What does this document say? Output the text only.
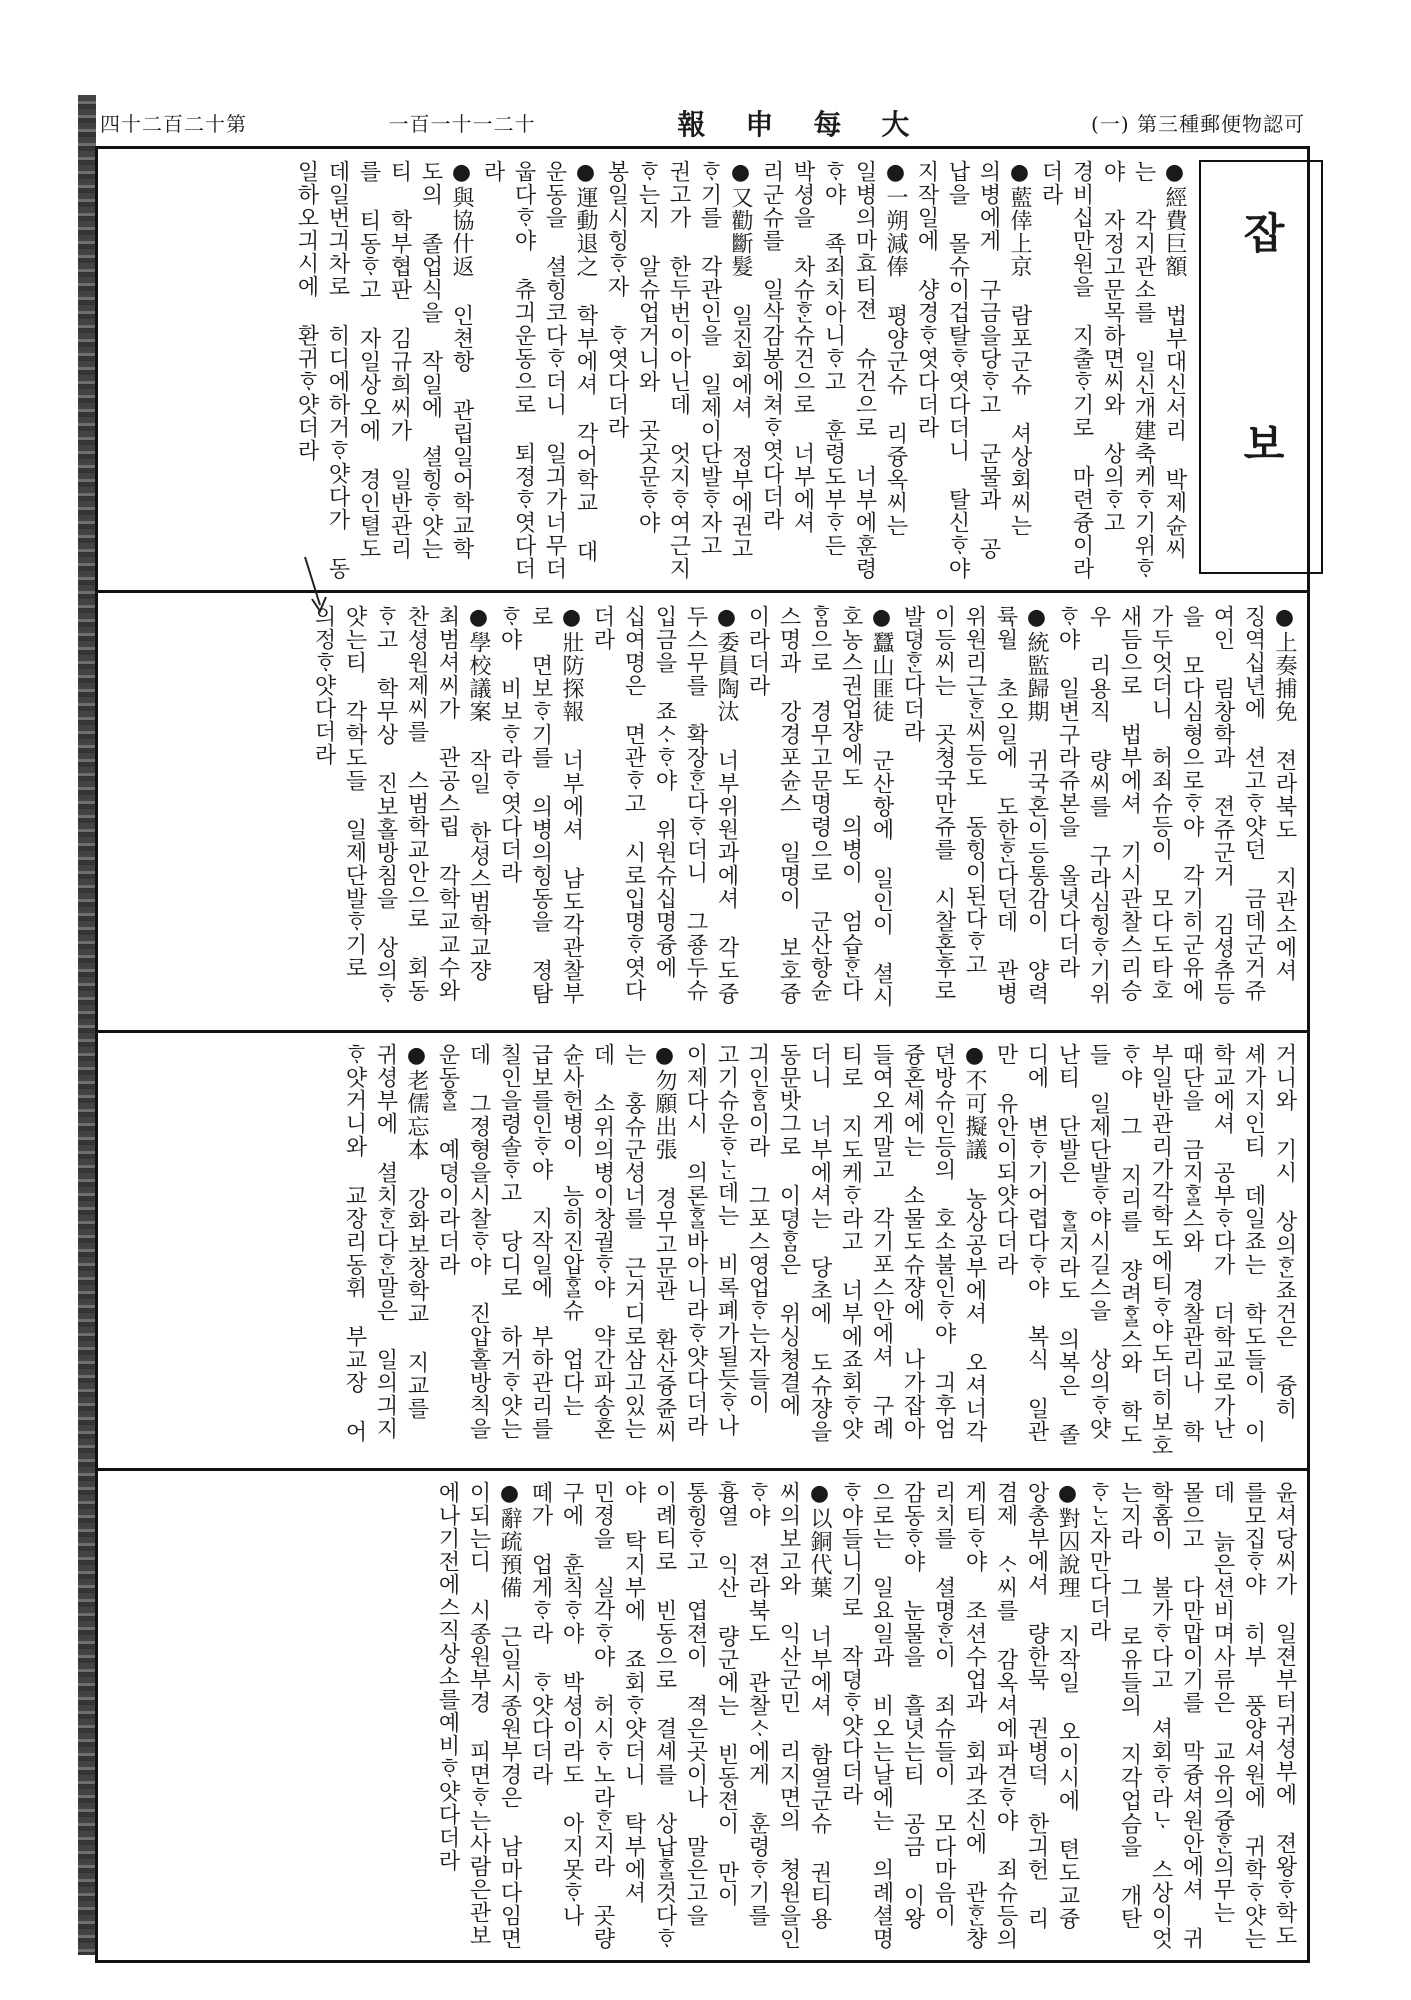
(一) 第三種郵便物認可
報申每大
一百一十一二十
四十二百二十第
잡 보

●經費巨額 법부대신서리 박제슌씨는 각지관소를 일신개建축케ᄒᆞ기위ᄒᆞ야 자정고문목하면씨와 상의ᄒᆞ고 경비십만원을 지출ᄒᆞ기로 마련즁이라더라

●藍倖上京 람포군슈 셔상회씨는 의병에게 구금을당ᄒᆞ고 군물과 공납을 몰슈이겁탈ᄒᆞ엿다더니 탈신ᄒᆞ야 지작일에 샹경ᄒᆞ엿다더라

●一朔減俸 평양군슈 리즁옥씨는 일병의마효티젼 슈건으로 너부에훈령ᄒᆞ야 죡죄치아니ᄒᆞ고 훈령도부ᄒᆞ든 박셩을 차슈ᄒᆞᆫ슈건으로 너부에셔 리군슈를 일삭감봉에쳐ᄒᆞ엿다더라

●又勸斷髮 일진회에셔 정부에권고ᄒᆞ기를 각관인을 일제이단발ᄒᆞ자고 권고가 한두번이아닌데 엇지ᄒᆞ여근지ᄒᆞ는지 알슈업거니와 곳곳문ᄒᆞ야 봉일시힝ᄒᆞ자 ᄒᆞ엿다더라

●運動退之 학부에셔 각어학교 대운동을 셜힝코다ᄒᆞ더니 일긔가너무더웁다ᄒᆞ야 츄긔운동으로 퇴졍ᄒᆞ엿다더라

●與協什返 인쳔항 관립일어학교학도의 졸업식을 작일에 셜힝ᄒᆞ얏는티 학부협판 김규희씨가 일반관리를 티동ᄒᆞ고 자일상오에 경인텰도 데일번긔차로 히디에하거ᄒᆞ얏다가 동일하오긔시에 환귀ᄒᆞ얏더라

●上奏捕免 젼라북도 지관소에셔 징역십년에 션고ᄒᆞ얏던 금데군거쥬여인 림창학과 젼쥬군거 김셩츄등을 모다심형으로ᄒᆞ야 각기히군유에가두엇더니 허죄슈등이 모다도타호새듬으로 법부에셔 기시관찰스리승우 리용직 량씨를 구라심힝ᄒᆞ기위ᄒᆞ야 일변구라쥬본을 올녓다더라

●統監歸期 귀국혼이등통감이 양력륙월 초오일에 도한ᄒᆞᆫ다던데 관병위원리근ᄒᆞᆫ씨등도 동힝이된다ᄒᆞ고 이등씨는 곳쳥국만쥬를 시찰혼후로 발뎡ᄒᆞᆫ다더라

●蠶山匪徒 군산항에 일인이 셜시호농스권업쟝에도 의병이 엄습ᄒᆞᆫ다ᄒᆞᆷ으로 경무고문명령으로 군산항슌스명과 강경포슌스 일명이 보호즁이라더라

●委員陶汰 너부위원과에셔 각도즁두스무를 확장ᄒᆞᆫ다ᄒᆞ더니 그죵두슈입금을 죠ᄉᆞᄒᆞ야 위원슈십명즁에 십여명은 면관ᄒᆞ고 시로입명ᄒᆞ엿다더라

●壯防探報 너부에셔 남도각관찰부로 면보ᄒᆞ기를 의병의힝동을 졍탐ᄒᆞ야 비보ᄒᆞ라ᄒᆞ엿다더라

●學校議案 작일 한셩스범학교쟝 최범셔씨가 관공스립 각학교교수와 찬셩원제씨를 스범학교안으로 회동ᄒᆞ고 학무상 진보홀방침을 상의ᄒᆞ얏는티 각학도들 일제단발ᄒᆞ기로 의정ᄒᆞ얏다더라

거니와 기시 상의ᄒᆞᆫ죠건은 즁히 셰가지인티 데일죠는 학도들이 이학교에셔 공부ᄒᆞ다가 더학교로가난때단을 금지ᄒᆞᆯ스와 경찰관리나 학부일반관리가각학도에티ᄒᆞ야도더히보호ᄒᆞ야 그 지리를 쟝려ᄒᆞᆯ스와 학도들 일제단발ᄒᆞ야시길스을 상의ᄒᆞ얏난티 단발은 ᄒᆞᆯ지라도 의복은 졸디에 변ᄒᆞ기어렵다ᄒᆞ야 복식 일관만 유안이되얏다더라

●不可擬議 농상공부에셔 오셔너각뎐방슈인등의 호소불인ᄒᆞ야 긔후엄즁혼셰에는 소물도슈쟝에 나가잡아들여오게말고 각기포스안에셔 구례티로 지도케ᄒᆞ라고 너부에죠회ᄒᆞ얏더니 너부에셔는 당초에 도슈쟝을 동문밧그로 이뎡ᄒᆞᆷ은 위싱쳥결에 긔인ᄒᆞᆷ이라 그포스영업ᄒᆞ는자들이 고기슈운ᄒᆞᄂᆞᆫ데는 비록폐가될듯ᄒᆞ나 이제다시 의론ᄒᆞᆯ바아니라ᄒᆞ얏다더라

●勿願出張 경무고문관 환산즁쥰씨는 홍슈군셩너를 근거디로삼고있는데 소위의병이창궐ᄒᆞ야 약간파송혼슌사헌병이 능히진압ᄒᆞᆯ슈 업다는 급보를인ᄒᆞ야 지작일에 부하관리를칠인을령솔ᄒᆞ고 당디로 하거ᄒᆞ얏는데 그졍형을시찰ᄒᆞ야 진압홀방칙을 운동ᄒᆞᆯ 예뎡이라더라

●老儒忘本 강화보창학교 지교를 귀셩부에 셜치ᄒᆞᆫ다ᄒᆞᆫ말은 일의긔지 ᄒᆞ얏거니와 교장리동휘 부교장 어

윤셔당씨가 일젼부터귀셩부에 젼왕ᄒᆞ학도를모집ᄒᆞ야 히부 풍양셔원에 귀학ᄒᆞ얏는데 늙은션비며사류은 교유의즁ᄒᆞᆫ의무는 몰으고 다만맙이기를 막즁셔원안에셔 귀학홈이 불가ᄒᆞ다고 셔회ᄒᆞ라ᄂᆞ 스상이엇는지라 그 로유들의 지각업슴을 개탄ᄒᆞᄂᆞᆫ자만다더라

●對囚說理 지작일 오이시에 텬도교즁앙총부에셔 량한묵 권병덕 한긔헌 리겸제 ᄉᆞ씨를 감옥셔에파견ᄒᆞ야 죄슈등의게티ᄒᆞ야 조션수업과 회과조신에 관ᄒᆞᆫ챵리치를 셜명ᄒᆞᆫ이 죄슈들이 모다마음이 감동ᄒᆞ야 눈물을 흘녓는티 공금 이왕으로는 일요일과 비오는날에는 의례셜명ᄒᆞ야들니기로 작뎡ᄒᆞ얏다더라

●以銅代葉 너부에셔 함열군슈 권티용씨의보고와 익산군민 리지면의 쳥원을인ᄒᆞ야 젼라북도 관찰ᄉᆞ에게 훈령ᄒᆞ기를 흉열 익산 량군에는 빈동젼이 만이 통힝ᄒᆞ고 엽젼이 젹은곳이나 말은고을 이례티로 빈동으로 결셰를 상납ᄒᆞᆯ것다ᄒᆞ야 탁지부에 죠회ᄒᆞ얏더니 탁부에셔 민졍을 실각ᄒᆞ야 허시ᄒᆞ노라ᄒᆞᆫ지라 곳량구에 훈칙ᄒᆞ야 박셩이라도 아지못ᄒᆞ나 떼가 업게ᄒᆞ라 ᄒᆞ얏다더라

●辭疏預備 근일시종원부경은 남마다임면이되는디 시종원부경 피면ᄒᆞ는사람은관보에나기전에스직상소를예비ᄒᆞ얏다더라
